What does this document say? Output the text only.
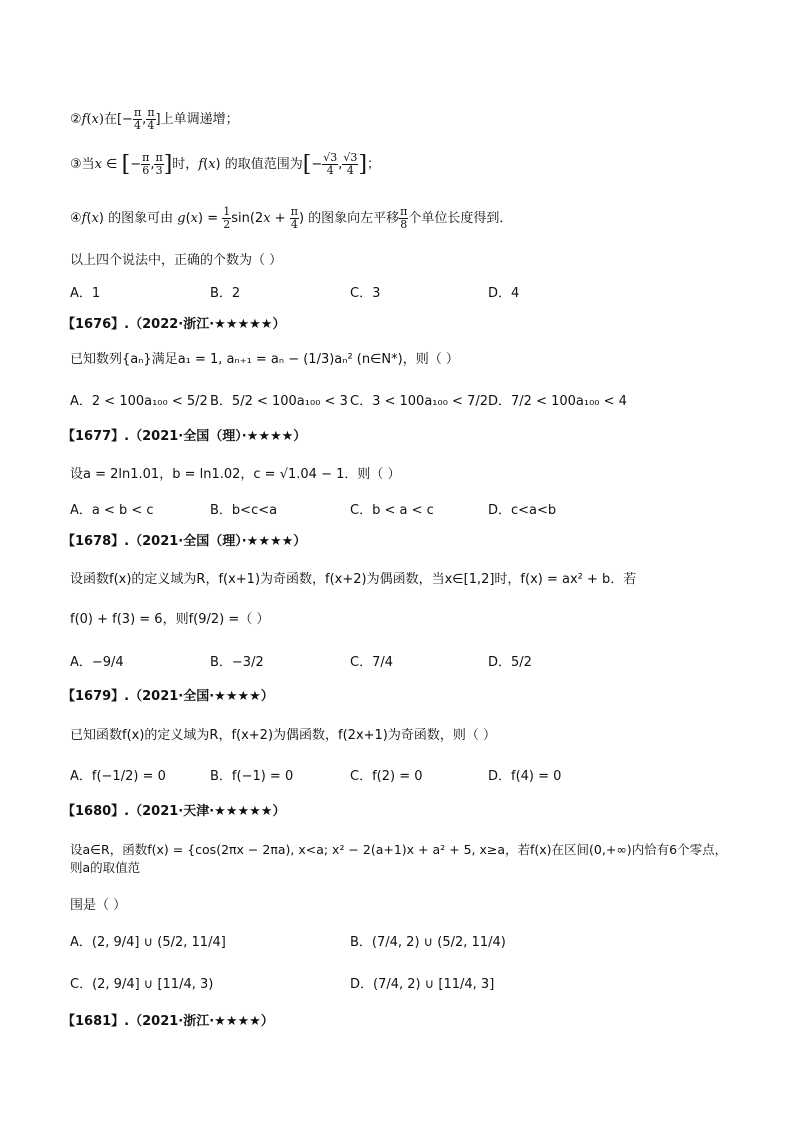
②f(x)在[− $\frac{\pi}{4}$ , $\frac{\pi}{4}$ ]上单调递增；
③当x ∈ [− $\frac{\pi}{6}$ , $\frac{\pi}{3}$ ]时，f(x) 的取值范围为[− $\frac{√3}{4}$ , $\frac{√3}{4}$ ]；
④f(x) 的图象可由 $g(x) = \frac{1}{2} \sin(2x + \frac{\pi}{4}$ ) 的图象向左平移 $\frac{\pi}{8}$ 个单位长度得到．
以上四个说法中，正确的个数为（ ）
A．1	B．2	C．3	D．4
【1676】.（2022·浙江·★★★★★）
已知数列{aₙ}满足a₁ = 1, aₙ₊₁ = aₙ − (1/3)aₙ² (n∈N*)，则（ ）
A．2 < 100a₁₀₀ < 5/2 B．5/2 < 100a₁₀₀ < 3 C．3 < 100a₁₀₀ < 7/2 D．7/2 < 100a₁₀₀ < 4
【1677】.（2021·全国（理）·★★★★）
设a = 2ln1.01，b = ln1.02，c = √1.04 − 1．则（ ）
A．a < b < c	B．b<c<a	C．b < a < c	D．c<a<b
【1678】.（2021·全国（理）·★★★★）
设函数f(x)的定义域为R，f(x+1)为奇函数，f(x+2)为偶函数，当x∈[1,2]时，f(x) = ax² + b．若
f(0) + f(3) = 6，则f(9/2) =（ ）
A．−9/4	B．−3/2	C．7/4	D．5/2
【1679】.（2021·全国·★★★★）
已知函数f(x)的定义域为R，f(x+2)为偶函数，f(2x+1)为奇函数，则（ ）
A．f(−1/2) = 0	B．f(−1) = 0	C．f(2) = 0	D．f(4) = 0
【1680】.（2021·天津·★★★★★）
设a∈R，函数f(x) = {cos(2πx − 2πa), x<a; x² − 2(a+1)x + a² + 5, x≥a，若f(x)在区间(0,+∞)内恰有6个零点，则a的取值范
围是（ ）
A．(2, 9/4] ∪ (5/2, 11/4]	B．(7/4, 2) ∪ (5/2, 11/4)
C．(2, 9/4] ∪ [11/4, 3)	D．(7/4, 2) ∪ [11/4, 3]
【1681】.（2021·浙江·★★★★）
